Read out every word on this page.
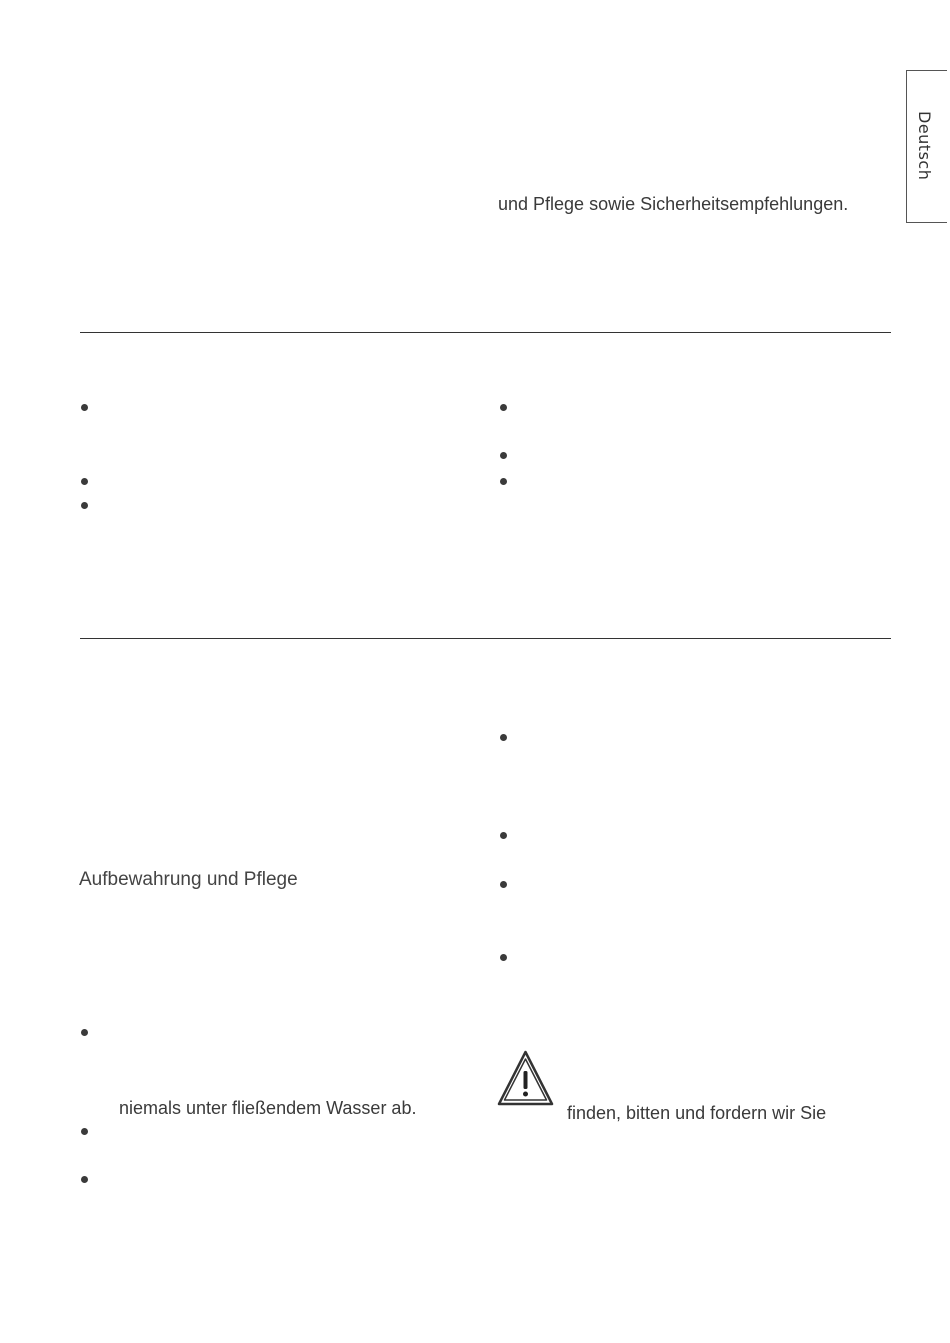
Deutsch
und Pflege sowie Sicherheitsempfehlungen.
Aufbewahrung und Pflege
niemals unter fließendem Wasser ab.	finden, bitten und fordern wir Sie
